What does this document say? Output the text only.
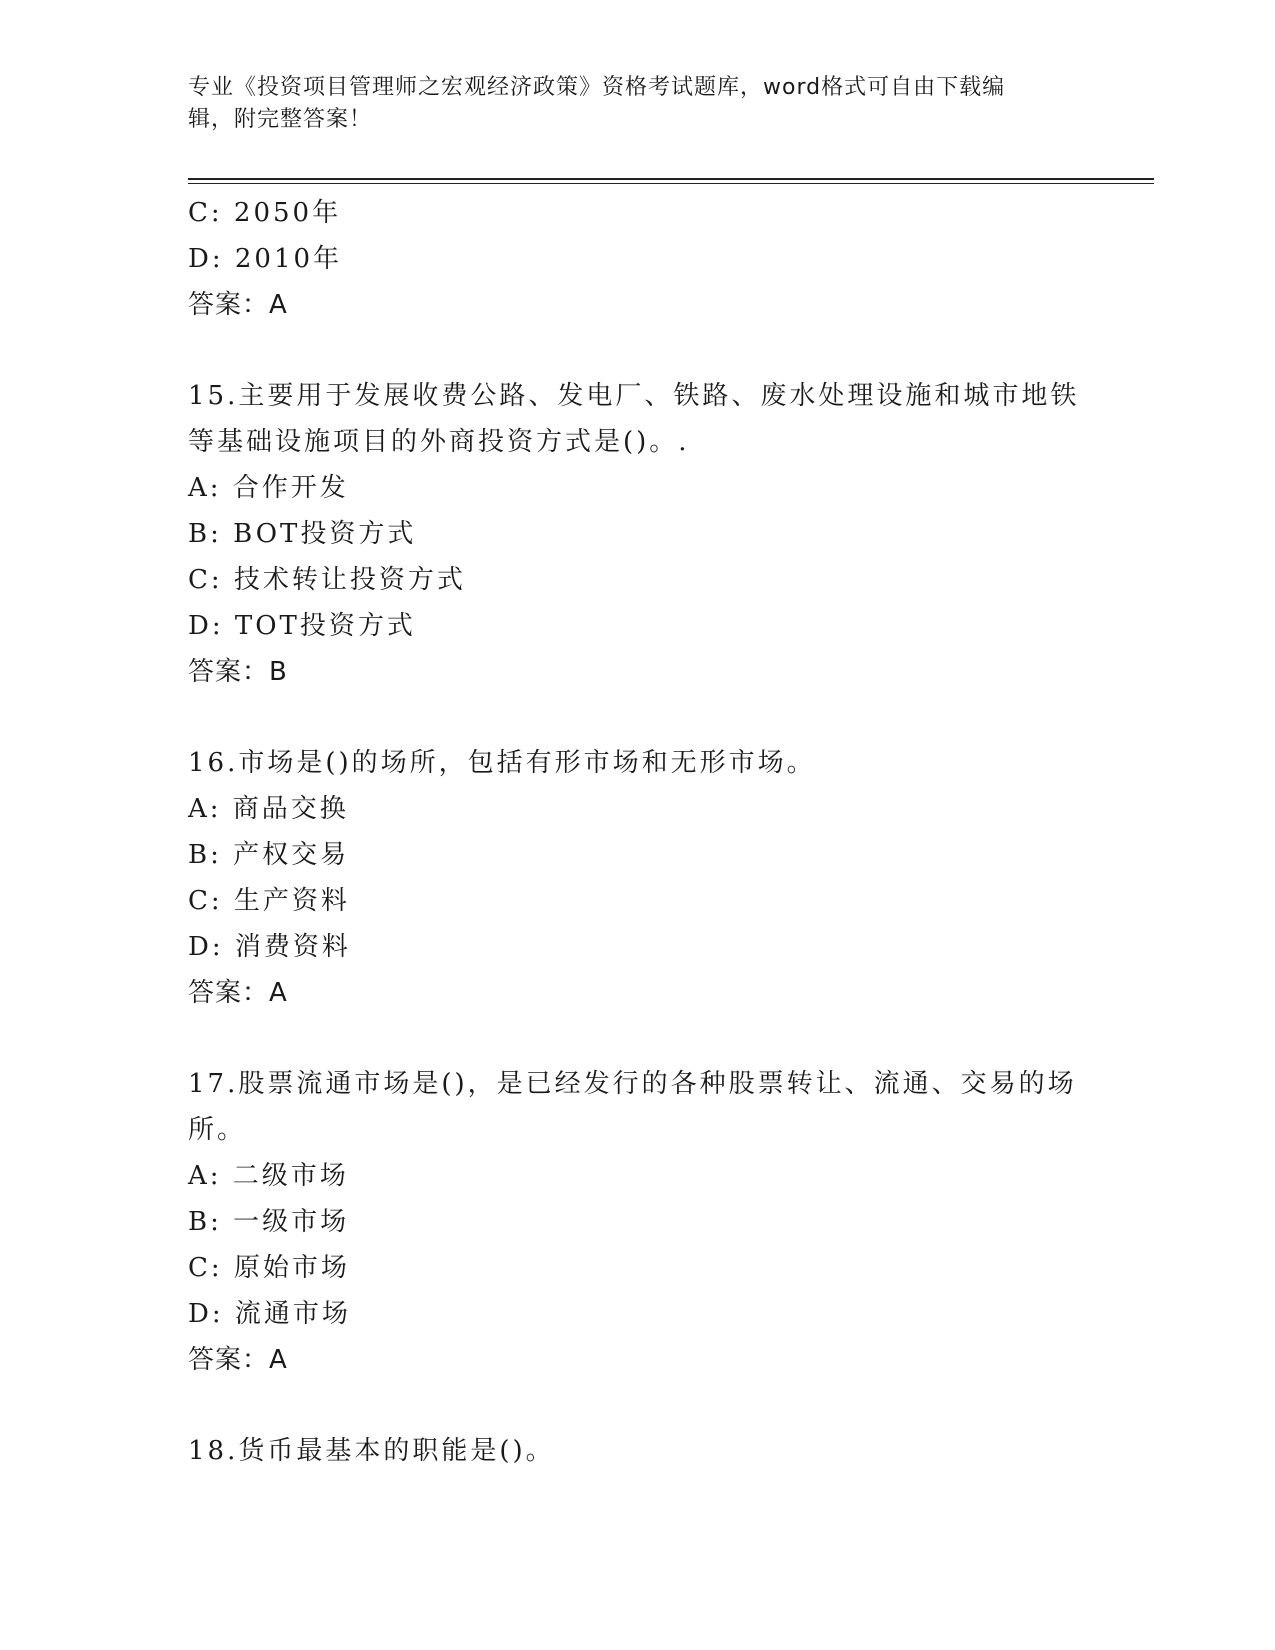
专业《投资项目管理师之宏观经济政策》资格考试题库，word格式可自由下载编
辑，附完整答案！
C: 2050年
D: 2010年
答案：A
15.主要用于发展收费公路、发电厂、铁路、废水处理设施和城市地铁
等基础设施项目的外商投资方式是()。.
A: 合作开发
B: BOT投资方式
C: 技术转让投资方式
D: TOT投资方式
答案：B
16.市场是()的场所，包括有形市场和无形市场。
A: 商品交换
B: 产权交易
C: 生产资料
D: 消费资料
答案：A
17.股票流通市场是()，是已经发行的各种股票转让、流通、交易的场
所。
A: 二级市场
B: 一级市场
C: 原始市场
D: 流通市场
答案：A
18.货币最基本的职能是()。
